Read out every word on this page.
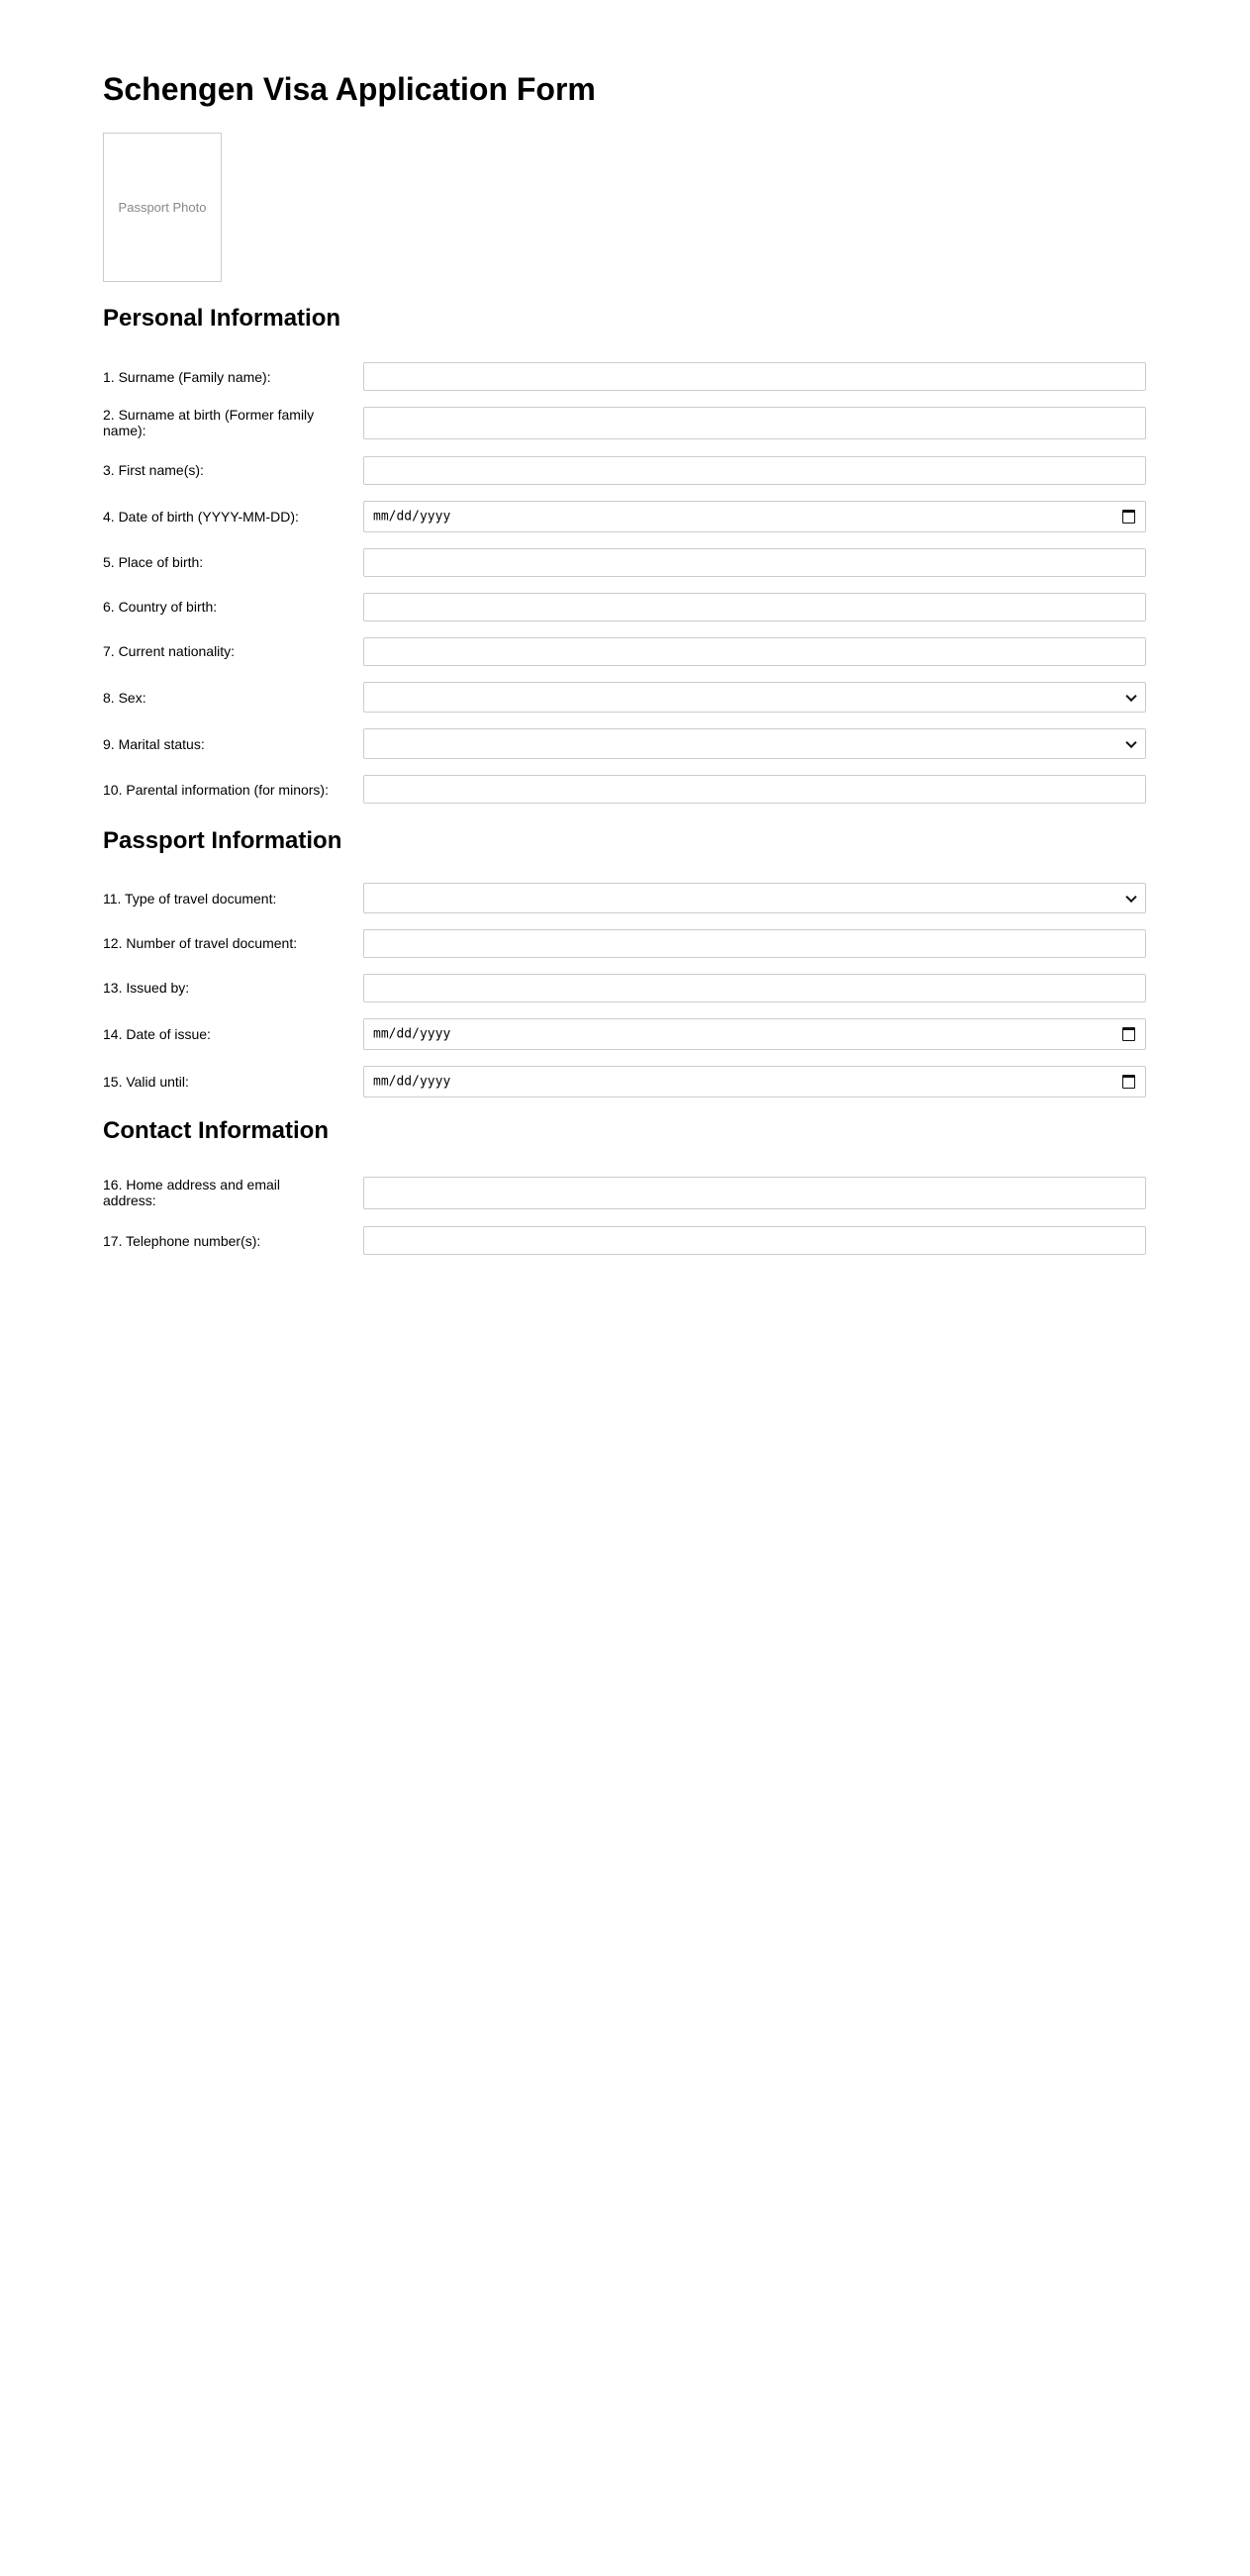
Schengen Visa Application Form
Passport Photo
Personal Information
1. Surname (Family name):
2. Surname at birth (Former family name):
3. First name(s):
4. Date of birth (YYYY-MM-DD):	mm/dd/yyyy
5. Place of birth:
6. Country of birth:
7. Current nationality:
8. Sex:
9. Marital status:
10. Parental information (for minors):
Passport Information
11. Type of travel document:
12. Number of travel document:
13. Issued by:
14. Date of issue:	mm/dd/yyyy
15. Valid until:	mm/dd/yyyy
Contact Information
16. Home address and email address:
17. Telephone number(s):
